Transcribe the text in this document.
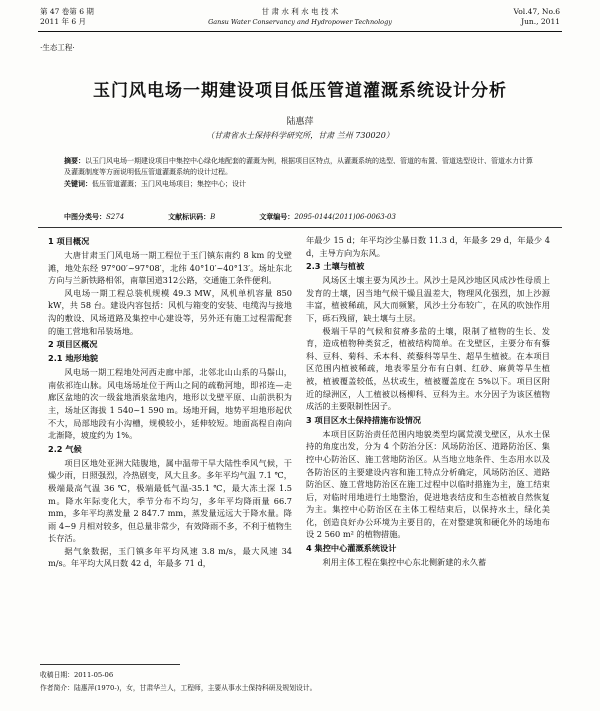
第 47 卷第 6 期
2011 年 6 月
甘 肃 水 利 水 电 技 术
Gansu Water Conservancy and Hydropower Technology
Vol.47, No.6
Jun., 2011
·生态工程·
玉门风电场一期建设项目低压管道灌溉系统设计分析
陆惠萍
（甘肃省水土保持科学研究所，甘肃 兰州 730020）
摘要：以玉门风电场一期建设项目中集控中心绿化地配套的灌溉为例，根据项目区特点，从灌溉系统的选型、管道的布置、管道选型设计、管道水力计算及灌溉制度等方面说明低压管道灌溉系统的设计过程。
关键词：低压管道灌溉；玉门风电场项目；集控中心；设计
中图分类号：S274	文献标识码：B	文章编号：2095-0144(2011)06-0063-03
1 项目概况

大唐甘肃玉门风电场一期工程位于玉门镇东南约 8 km 的戈壁滩，地处东经 97°00′~97°08′，北纬 40°10′~40°13′。场址东北方向与兰新铁路相邻，南靠国道312公路，交通施工条件便利。

风电场一期工程总装机规模 49.3 MW，风机单机容量 850 kW，共 58 台。建设内容包括：风机与箱变的安装、电缆沟与接地沟的敷设、风场道路及集控中心建设等，另外还有施工过程需配套的施工营地和吊装场地。

2 项目区概况
2.1 地形地貌

风电场一期工程地处河西走廊中部，北邻北山山系的马鬃山，南依祁连山脉。风电场场址位于两山之间的疏勒河地，即祁连—走廊区盆地的次一级盆地酒泉盆地内，地形以戈壁平原、山前洪积为主，场址区海拔 1 540~1 590 m。场地开阔，地势平坦地形起伏不大，局部地段有小沟槽，规模较小，延伸较短。地面高程自南向北渐降，坡度约为 1%。

2.2 气候

项目区地处亚洲大陆腹地，属中温带干旱大陆性季风气候，干燥少雨，日照强烈，冷热剧变，风大且多。多年平均气温 7.1 ℃，极端最高气温 36 ℃，极端最低气温-35.1 ℃，最大冻土深 1.5 m。降水年际变化大，季节分布不均匀，多年平均降雨量 66.7 mm，多年平均蒸发量 2 847.7 mm，蒸发量远远大于降水量。降雨 4~9 月相对较多，但总量非常少，有效降雨不多，不利于植物生长存活。

据气象数据，玉门镇多年平均风速 3.8 m/s，最大风速 34 m/s。年平均大风日数 42 d，年最多 71 d，

年最少 15 d；年平均沙尘暴日数 11.3 d，年最多 29 d，年最少 4 d，主导方向为东风。

2.3 土壤与植被

风场区土壤主要为风沙土。风沙土是风沙地区风成沙性母质上发育的土壤，因当地气候干燥且温差大，物理风化强烈，加上沙源丰富，植被稀疏，风大而频繁，风沙土分布较广，在风的吹蚀作用下，砾石残留，缺土壤与土层。

极端干旱的气候和贫瘠多盐的土壤，限制了植物的生长、发育，造成植物种类贫乏，植被结构简单。在戈壁区，主要分布有藜科、豆科、菊科、禾本科、蒺藜科等旱生、超旱生植被。在本项目区范围内植被稀疏，地表零星分布有白刺、红砂、麻黄等旱生植被，植被覆盖较低，丛状或生，植被覆盖度在 5%以下。项目区附近的绿洲区，人工植被以杨柳科、豆科为主。水分因子为该区植物成活的主要限制性因子。

3 项目区水土保持措施布设情况

本项目区防治责任范围内地貌类型均属荒漠戈壁区，从水土保持的角度出发，分为 4 个防治分区：风场防治区、道路防治区、集控中心防治区、施工营地防治区。从当地立地条件、生态用水以及各防治区的主要建设内容和施工特点分析确定，风场防治区、道路防治区、施工营地防治区在施工过程中以临时措施为主，施工结束后，对临时用地进行土地整治，促进地表结皮和生态植被自然恢复为主。集控中心防治区在主体工程结束后，以保持水土，绿化美化，创造良好办公环境为主要目的，在对整建筑和硬化外的场地布设 2 560 m² 的植物措施。

4 集控中心灌溉系统设计

利用主体工程在集控中心东北侧新建的永久蓄

收稿日期：2011-05-06
作者简介：陆惠萍(1970-)，女，甘肃华兰人，工程师，主要从事水土保持科研及规划设计。
